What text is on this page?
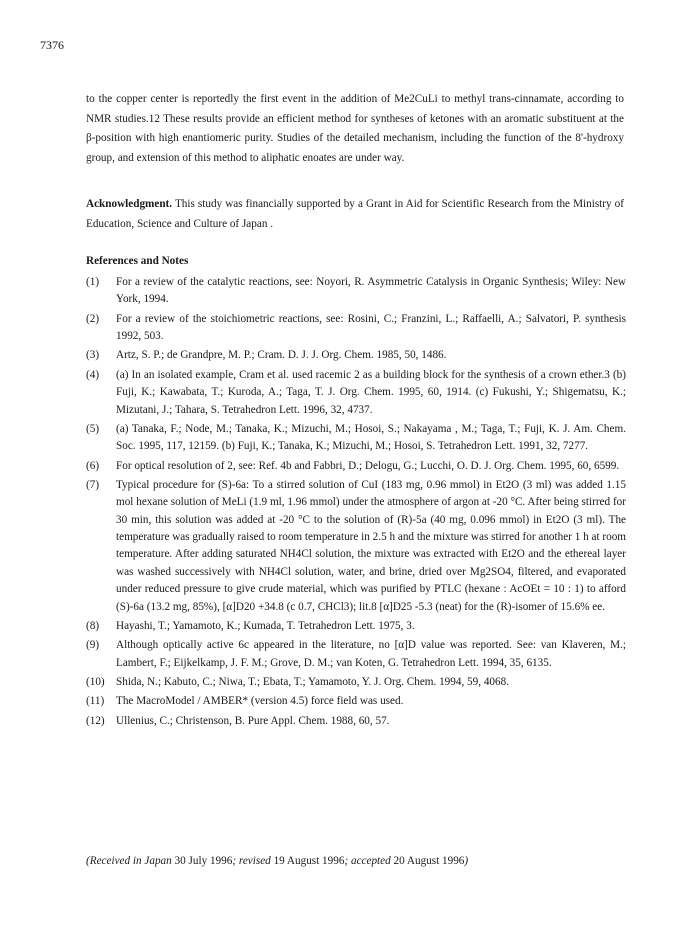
7376

to the copper center is reportedly the first event in the addition of Me2CuLi to methyl trans-cinnamate, according to NMR studies.12 These results provide an efficient method for syntheses of ketones with an aromatic substituent at the β-position with high enantiomeric purity. Studies of the detailed mechanism, including the function of the 8'-hydroxy group, and extension of this method to aliphatic enoates are under way.

Acknowledgment. This study was financially supported by a Grant in Aid for Scientific Research from the Ministry of Education, Science and Culture of Japan .

References and Notes

(1) For a review of the catalytic reactions, see: Noyori, R. Asymmetric Catalysis in Organic Synthesis; Wiley: New York, 1994.
(2) For a review of the stoichiometric reactions, see: Rosini, C.; Franzini, L.; Raffaelli, A.; Salvatori, P. synthesis 1992, 503.
(3) Artz, S. P.; de Grandpre, M. P.; Cram. D. J. J. Org. Chem. 1985, 50, 1486.
(4) (a) In an isolated example, Cram et al. used racemic 2 as a building block for the synthesis of a crown ether.3 (b) Fuji, K.; Kawabata, T.; Kuroda, A.; Taga, T. J. Org. Chem. 1995, 60, 1914. (c) Fukushi, Y.; Shigematsu, K.; Mizutani, J.; Tahara, S. Tetrahedron Lett. 1996, 32, 4737.
(5) (a) Tanaka, F.; Node, M.; Tanaka, K.; Mizuchi, M.; Hosoi, S.; Nakayama , M.; Taga, T.; Fuji, K. J. Am. Chem. Soc. 1995, 117, 12159. (b) Fuji, K.; Tanaka, K.; Mizuchi, M.; Hosoi, S. Tetrahedron Lett. 1991, 32, 7277.
(6) For optical resolution of 2, see: Ref. 4b and Fabbri, D.; Delogu, G.; Lucchi, O. D. J. Org. Chem. 1995, 60, 6599.
(7) Typical procedure for (S)-6a: To a stirred solution of CuI (183 mg, 0.96 mmol) in Et2O (3 ml) was added 1.15 mol hexane solution of MeLi (1.9 ml, 1.96 mmol) under the atmosphere of argon at -20 °C. After being stirred for 30 min, this solution was added at -20 °C to the solution of (R)-5a (40 mg, 0.096 mmol) in Et2O (3 ml). The temperature was gradually raised to room temperature in 2.5 h and the mixture was stirred for another 1 h at room temperature. After adding saturated NH4Cl solution, the mixture was extracted with Et2O and the ethereal layer was washed successively with NH4Cl solution, water, and brine, dried over Mg2SO4, filtered, and evaporated under reduced pressure to give crude material, which was purified by PTLC (hexane : AcOEt = 10 : 1) to afford (S)-6a (13.2 mg, 85%), [α]D20 +34.8 (c 0.7, CHCl3); lit.8 [α]D25 -5.3 (neat) for the (R)-isomer of 15.6% ee.
(8) Hayashi, T.; Yamamoto, K.; Kumada, T. Tetrahedron Lett. 1975, 3.
(9) Although optically active 6c appeared in the literature, no [α]D value was reported. See: van Klaveren, M.; Lambert, F.; Eijkelkamp, J. F. M.; Grove, D. M.; van Koten, G. Tetrahedron Lett. 1994, 35, 6135.
(10) Shida, N.; Kabuto, C.; Niwa, T.; Ebata, T.; Yamamoto, Y. J. Org. Chem. 1994, 59, 4068.
(11) The MacroModel / AMBER* (version 4.5) force field was used.
(12) Ullenius, C.; Christenson, B. Pure Appl. Chem. 1988, 60, 57.

(Received in Japan 30 July 1996; revised 19 August 1996; accepted 20 August 1996)
